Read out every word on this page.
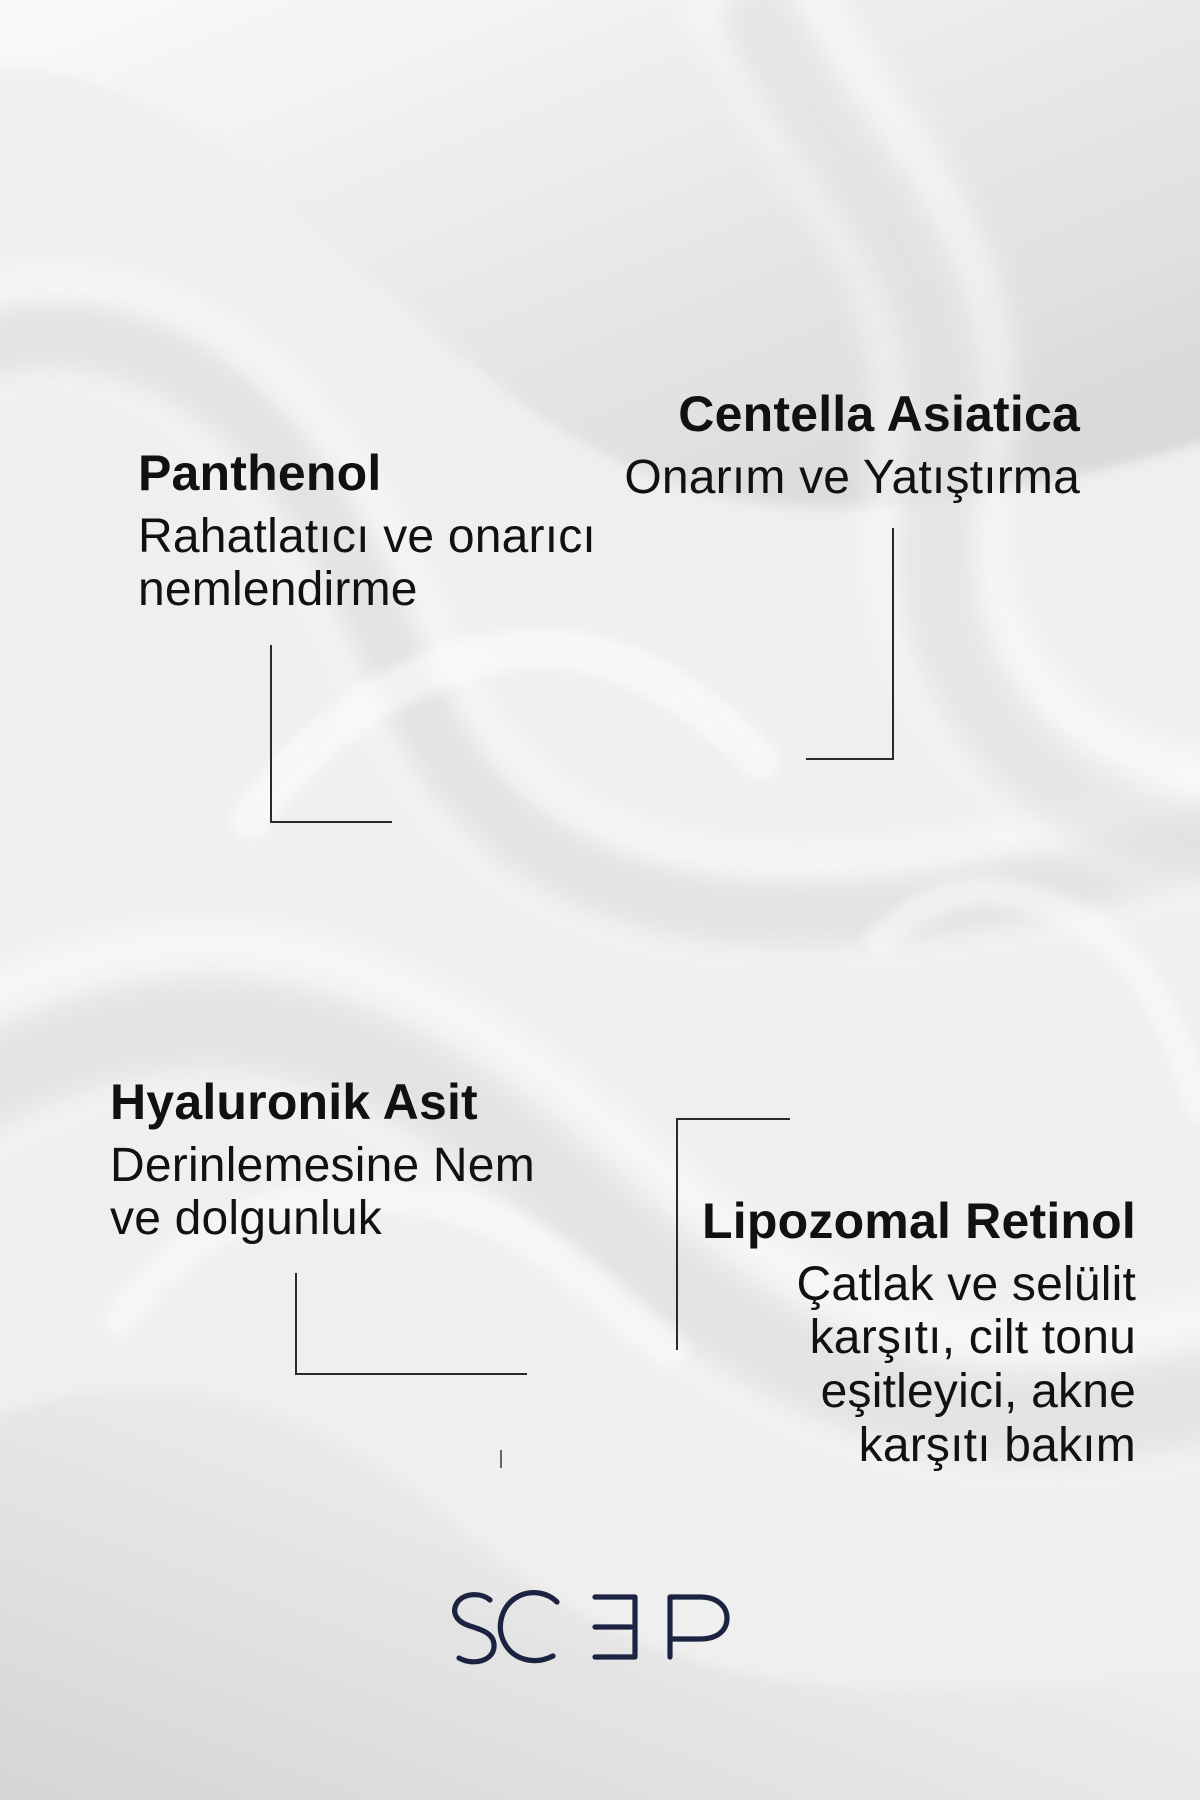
Panthenol
Rahatlatıcı ve onarıcı
nemlendirme
Centella Asiatica
Onarım ve Yatıştırma
Hyaluronik Asit
Derinlemesine Nem
ve dolgunluk	Lipozomal Retinol
Çatlak ve selülit
karşıtı, cilt tonu
eşitleyici, akne
karşıtı bakım
